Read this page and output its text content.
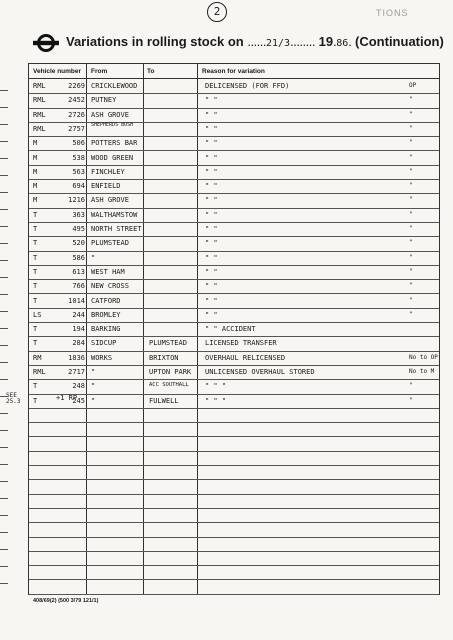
2	TIONS
Variations in rolling stock on ......21/3........ 19.86. (Continuation)
Vehicle number From	To	Reason for variation
RML	2269 CRICKLEWOOD	DELICENSED (FOR FFD)	OP
RML	2452 PUTNEY	" "	"
RML	2726 ASH GROVE	" "	"
RML	2757 SHEPHERDS BUSH	" "	"
M	506 POTTERS BAR	" "	"
M	538 WOOD GREEN	" "	"
M	563 FINCHLEY	" "	"
M	694 ENFIELD	" "	"
M	1216 ASH GROVE	" "	"
T	363 WALTHAMSTOW	" "	"
T	495 NORTH STREET	" "	"
T	520 PLUMSTEAD	" "	"
T	586 "	" "	"
T	613 WEST HAM	" "	"
T	766 NEW CROSS	" "	"
T	1014 CATFORD	" "	"
LS	244 BROMLEY	" "	"
T	194 BARKING	" " ACCIDENT
T	284 SIDCUP	PLUMSTEAD	LICENSED TRANSFER
RM	1836 WORKS	BRIXTON	OVERHAUL RELICENSED	No to OP
RML	2717 "	UPTON PARK UNLICENSED OVERHAUL STORED	No to M
T	248 "	ACC SOUTHALL " " "	"
T	245 "	FULWELL	" " "	"
SEE 25.3	+1 RP
408/69(2) (500 3/79 121/1)
